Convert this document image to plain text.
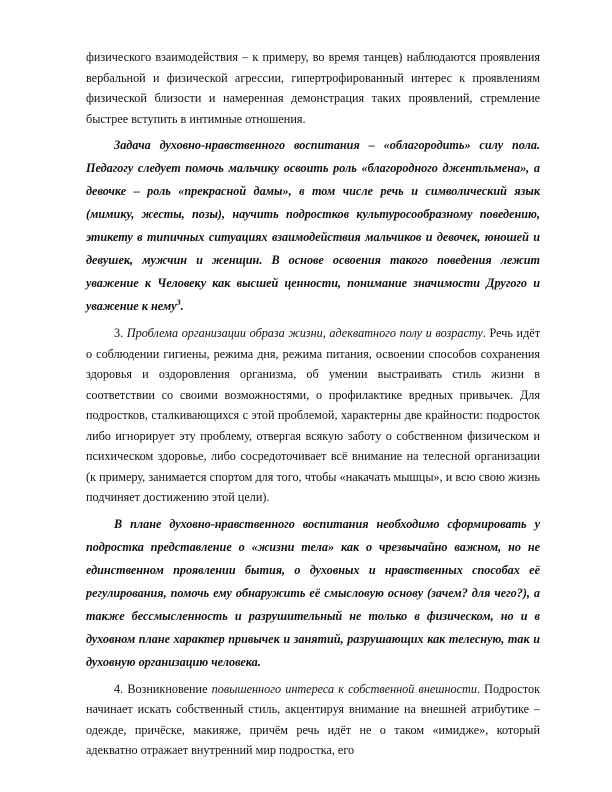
физического взаимодействия – к примеру, во время танцев) наблюдаются проявления вербальной и физической агрессии, гипертрофированный интерес к проявлениям физической близости и намеренная демонстрация таких проявлений, стремление быстрее вступить в интимные отношения.

Задача духовно-нравственного воспитания – «облагородить» силу пола. Педагогу следует помочь мальчику освоить роль «благородного джентльмена», а девочке – роль «прекрасной дамы», в том числе речь и символический язык (мимику, жесты, позы), научить подростков культуросообразному поведению, этикету в типичных ситуациях взаимодействия мальчиков и девочек, юношей и девушек, мужчин и женщин. В основе освоения такого поведения лежит уважение к Человеку как высшей ценности, понимание значимости Другого и уважение к нему$^3$.

3. Проблема организации образа жизни, адекватного полу и возрасту. Речь идёт о соблюдении гигиены, режима дня, режима питания, освоении способов сохранения здоровья и оздоровления организма, об умении выстраивать стиль жизни в соответствии со своими возможностями, о профилактике вредных привычек. Для подростков, сталкивающихся с этой проблемой, характерны две крайности: подросток либо игнорирует эту проблему, отвергая всякую заботу о собственном физическом и психическом здоровье, либо сосредоточивает всё внимание на телесной организации (к примеру, занимается спортом для того, чтобы «накачать мышцы», и всю свою жизнь подчиняет достижению этой цели).

В плане духовно-нравственного воспитания необходимо сформировать у подростка представление о «жизни тела» как о чрезвычайно важном, но не единственном проявлении бытия, о духовных и нравственных способах её регулирования, помочь ему обнаружить её смысловую основу (зачем? для чего?), а также бессмысленность и разрушительный не только в физическом, но и в духовном плане характер привычек и занятий, разрушающих как телесную, так и духовную организацию человека.

4. Возникновение повышенного интереса к собственной внешности. Подросток начинает искать собственный стиль, акцентируя внимание на внешней атрибутике – одежде, причёске, макияже, причём речь идёт не о таком «имидже», который адекватно отражает внутренний мир подростка, его
